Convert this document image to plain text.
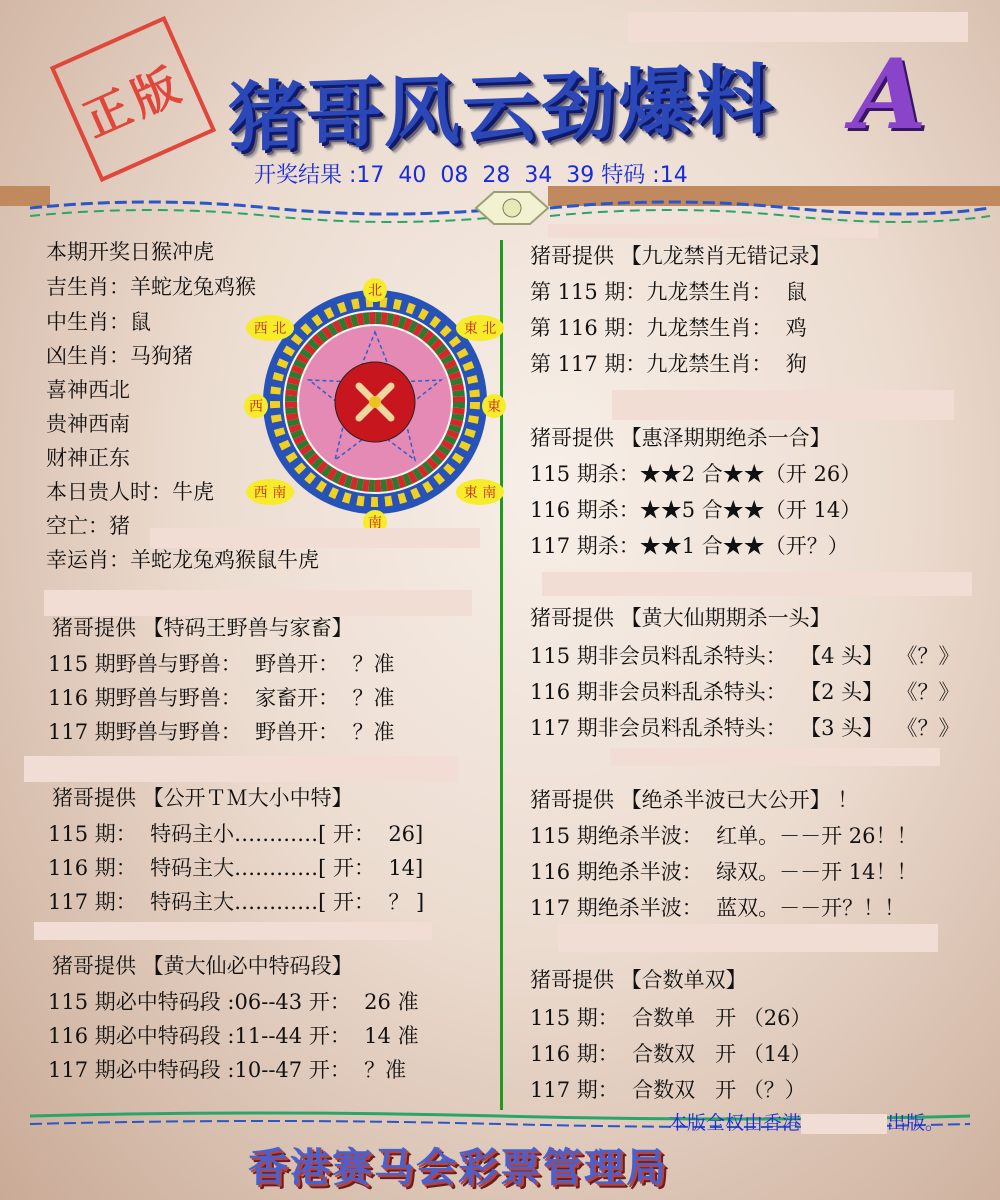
正版 猪哥风云劲爆料 A
开奖结果 :17  40  08  28  34  39 特码 :14
本期开奖日猴冲虎
吉生肖：羊蛇龙兔鸡猴
中生肖：鼠
凶生肖：马狗猪
喜神西北
贵神西南
财神正东
本日贵人时：牛虎
空亡：猪
幸运肖：羊蛇龙兔鸡猴鼠牛虎
北
東 北
東
東 南
南
西 南
西
西 北
猪哥提供 【特码王野兽与家畜】
115 期野兽与野兽：  野兽开：  ？准
116 期野兽与野兽：  家畜开：  ？准
117 期野兽与野兽：  野兽开：  ？准
猪哥提供 【公开ＴＭ大小中特】
115 期：  特码主小…………[ 开：  26]
116 期：  特码主大…………[ 开：  14]
117 期：  特码主大…………[ 开：  ？ ]
猪哥提供 【黄大仙必中特码段】
115 期必中特码段 :06--43 开：  26 准
116 期必中特码段 :11--44 开：  14 准
117 期必中特码段 :10--47 开：  ？准
猪哥提供 【九龙禁肖无错记录】
第 115 期：九龙禁生肖：  鼠
第 116 期：九龙禁生肖：  鸡
第 117 期：九龙禁生肖：  狗
猪哥提供 【惠泽期期绝杀一合】
115 期杀：★★2 合★★（开 26）
116 期杀：★★5 合★★（开 14）
117 期杀：★★1 合★★（开？）
猪哥提供 【黄大仙期期杀一头】
115 期非会员料乱杀特头：  【4 头】  《？》
116 期非会员料乱杀特头：  【2 头】  《？》
117 期非会员料乱杀特头：  【3 头】  《？》
猪哥提供 【绝杀半波已大公开】 ！
115 期绝杀半波：  红单。－－开 26！！
116 期绝杀半波：  绿双。－－开 14！！
117 期绝杀半波：  蓝双。－－开？！！
猪哥提供 【合数单双】
115 期：  合数单   开 （26）
116 期：  合数双   开 （14）
117 期：  合数双   开 （？）
本版全权由香港	出版。
香港赛马会彩票管理局
